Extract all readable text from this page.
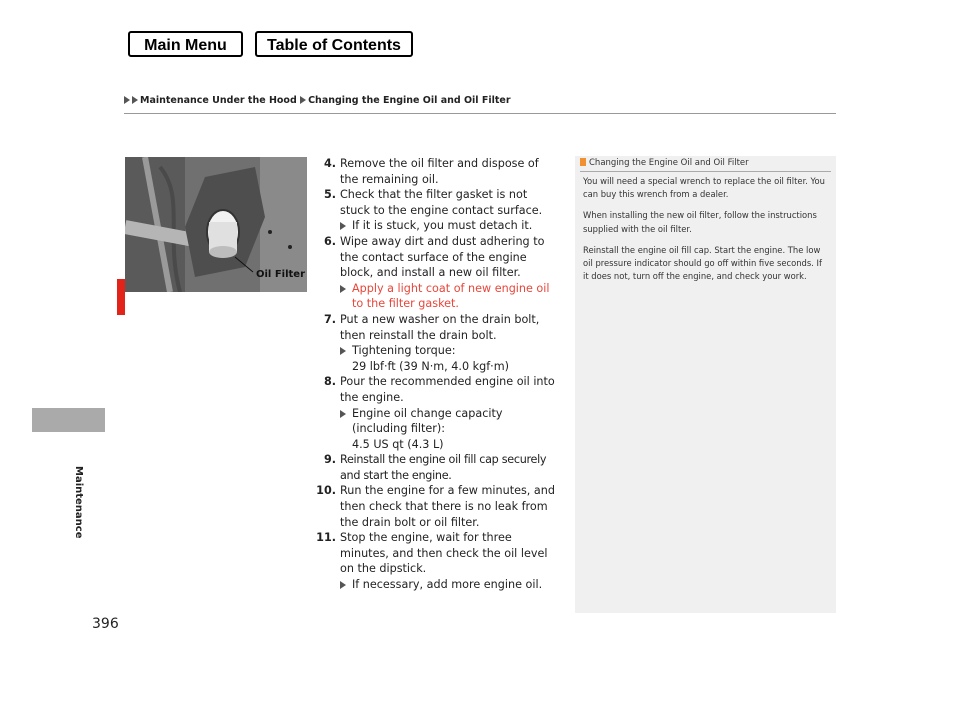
Main Menu	Table of Contents
Maintenance Under the Hood Changing the Engine Oil and Oil Filter
Maintenance
396
Oil Filter
4. Remove the oil filter and dispose of the remaining oil.
5. Check that the filter gasket is not stuck to the engine contact surface.
If it is stuck, you must detach it.
6. Wipe away dirt and dust adhering to the contact surface of the engine block, and install a new oil filter.
Apply a light coat of new engine oil to the filter gasket.
7. Put a new washer on the drain bolt, then reinstall the drain bolt.
Tightening torque:
29 lbf·ft (39 N·m, 4.0 kgf·m)
8. Pour the recommended engine oil into the engine.
Engine oil change capacity (including filter):
4.5 US qt (4.3 L)
9. Reinstall the engine oil fill cap securely and start the engine.
10. Run the engine for a few minutes, and then check that there is no leak from the drain bolt or oil filter.
11. Stop the engine, wait for three minutes, and then check the oil level on the dipstick.
If necessary, add more engine oil.
Changing the Engine Oil and Oil Filter

You will need a special wrench to replace the oil filter. You can buy this wrench from a dealer.

When installing the new oil filter, follow the instructions supplied with the oil filter.

Reinstall the engine oil fill cap. Start the engine. The low oil pressure indicator should go off within five seconds. If it does not, turn off the engine, and check your work.
